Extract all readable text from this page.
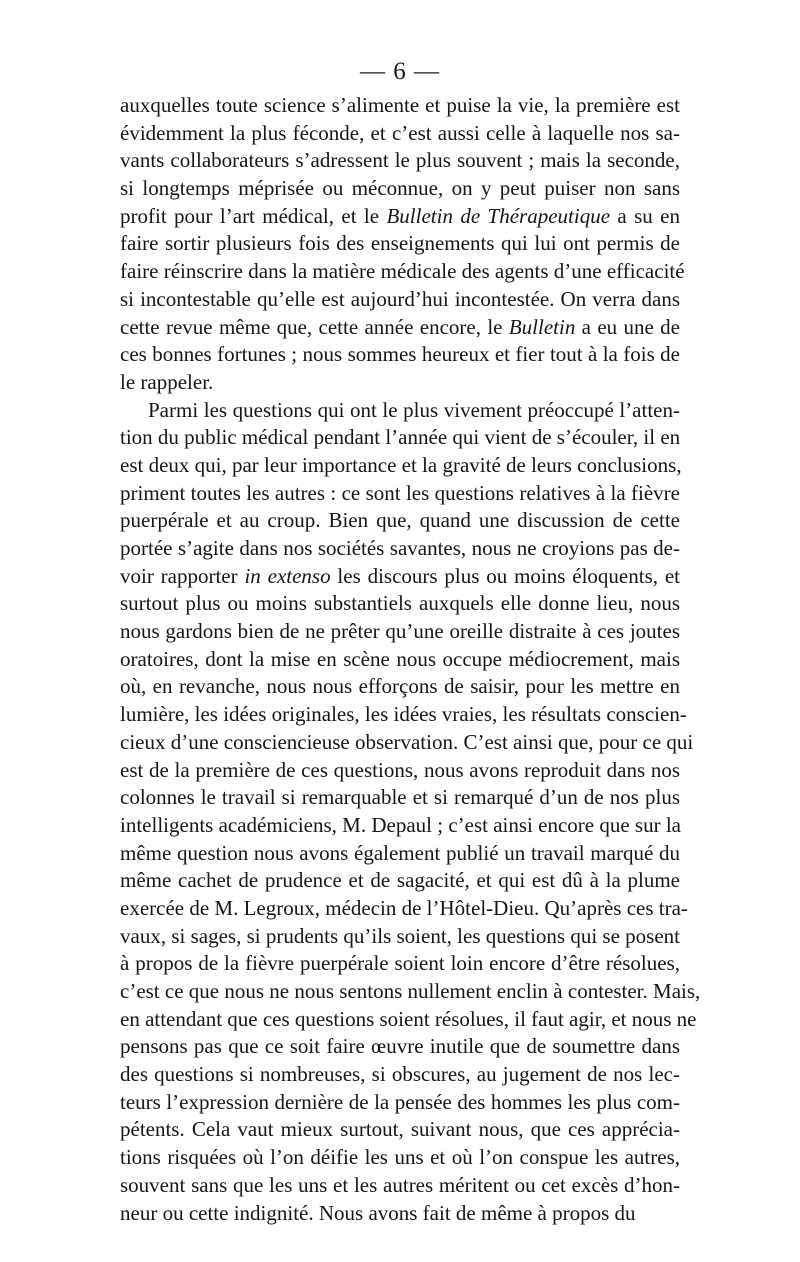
— 6 —
auxquelles toute science s’alimente et puise la vie, la première est
évidemment la plus féconde, et c’est aussi celle à laquelle nos sa-
vants collaborateurs s’adressent le plus souvent ; mais la seconde,
si longtemps méprisée ou méconnue, on y peut puiser non sans
profit pour l’art médical, et le Bulletin de Thérapeutique a su en
faire sortir plusieurs fois des enseignements qui lui ont permis de
faire réinscrire dans la matière médicale des agents d’une efficacité
si incontestable qu’elle est aujourd’hui incontestée. On verra dans
cette revue même que, cette année encore, le Bulletin a eu une de
ces bonnes fortunes ; nous sommes heureux et fier tout à la fois de
le rappeler.
Parmi les questions qui ont le plus vivement préoccupé l’atten-
tion du public médical pendant l’année qui vient de s’écouler, il en
est deux qui, par leur importance et la gravité de leurs conclusions,
priment toutes les autres : ce sont les questions relatives à la fièvre
puerpérale et au croup. Bien que, quand une discussion de cette
portée s’agite dans nos sociétés savantes, nous ne croyions pas de-
voir rapporter in extenso les discours plus ou moins éloquents, et
surtout plus ou moins substantiels auxquels elle donne lieu, nous
nous gardons bien de ne prêter qu’une oreille distraite à ces joutes
oratoires, dont la mise en scène nous occupe médiocrement, mais
où, en revanche, nous nous efforçons de saisir, pour les mettre en
lumière, les idées originales, les idées vraies, les résultats conscien-
cieux d’une consciencieuse observation. C’est ainsi que, pour ce qui
est de la première de ces questions, nous avons reproduit dans nos
colonnes le travail si remarquable et si remarqué d’un de nos plus
intelligents académiciens, M. Depaul ; c’est ainsi encore que sur la
même question nous avons également publié un travail marqué du
même cachet de prudence et de sagacité, et qui est dû à la plume
exercée de M. Legroux, médecin de l’Hôtel-Dieu. Qu’après ces tra-
vaux, si sages, si prudents qu’ils soient, les questions qui se posent
à propos de la fièvre puerpérale soient loin encore d’être résolues,
c’est ce que nous ne nous sentons nullement enclin à contester. Mais,
en attendant que ces questions soient résolues, il faut agir, et nous ne
pensons pas que ce soit faire œuvre inutile que de soumettre dans
des questions si nombreuses, si obscures, au jugement de nos lec-
teurs l’expression dernière de la pensée des hommes les plus com-
pétents. Cela vaut mieux surtout, suivant nous, que ces apprécia-
tions risquées où l’on déifie les uns et où l’on conspue les autres,
souvent sans que les uns et les autres méritent ou cet excès d’hon-
neur ou cette indignité. Nous avons fait de même à propos du
